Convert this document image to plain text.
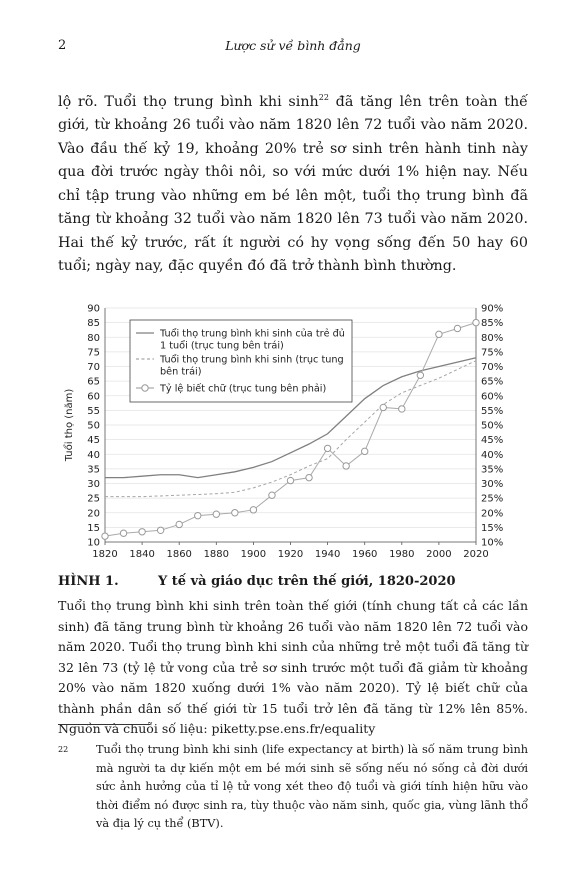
2	Lược sử về bình đẳng
lộ rõ. Tuổi thọ trung bình khi $\sinh^{22}$ đã tăng lên trên toàn thế giới, từ khoảng 26 tuổi vào năm 1820 lên 72 tuổi vào năm 2020. Vào đầu thế kỷ 19, khoảng 20% trẻ sơ sinh trên hành tinh này qua đời trước ngày thôi nôi, so với mức dưới 1% hiện nay. Nếu chỉ tập trung vào những em bé lên một, tuổi thọ trung bình đã tăng từ khoảng 32 tuổi vào năm 1820 lên 73 tuổi vào năm 2020. Hai thế kỷ trước, rất ít người có hy vọng sống đến 50 hay 60 tuổi; ngày nay, đặc quyền đó đã trở thành bình thường.
10	10%
15	15%
20	20%
25	25%
30	30%
35	35%
40	40%
45	45%
50	50%
55	55%
60	60%
65	65%
70	70%
75	75%
80	80%
85	85%
90	90%
1820 1840 1860 1880 1900 1920 1940 1960 1980 2000 2020
Tuổi thọ (năm)
Tuổi thọ trung bình khi sinh của trẻ đủ
1 tuổi (trục tung bên trái)
Tuổi thọ trung bình khi sinh (trục tung
bên trái)
Tỷ lệ biết chữ (trục tung bên phải)
HÌNH 1.	Y tế và giáo dục trên thế giới, 1820-2020
Tuổi thọ trung bình khi sinh trên toàn thế giới (tính chung tất cả các lần sinh) đã tăng trung bình từ khoảng 26 tuổi vào năm 1820 lên 72 tuổi vào năm 2020. Tuổi thọ trung bình khi sinh của những trẻ một tuổi đã tăng từ 32 lên 73 (tỷ lệ tử vong của trẻ sơ sinh trước một tuổi đã giảm từ khoảng 20% vào năm 1820 xuống dưới 1% vào năm 2020). Tỷ lệ biết chữ của thành phần dân số thế giới từ 15 tuổi trở lên đã tăng từ 12% lên 85%. Nguồn và chuỗi số liệu: piketty.pse.ens.fr/equality
22 Tuổi thọ trung bình khi sinh (life expectancy at birth) là số năm trung bình mà người ta dự kiến một em bé mới sinh sẽ sống nếu nó sống cả đời dưới sức ảnh hưởng của tỉ lệ tử vong xét theo độ tuổi và giới tính hiện hữu vào thời điểm nó được sinh ra, tùy thuộc vào năm sinh, quốc gia, vùng lãnh thổ và địa lý cụ thể (BTV).
